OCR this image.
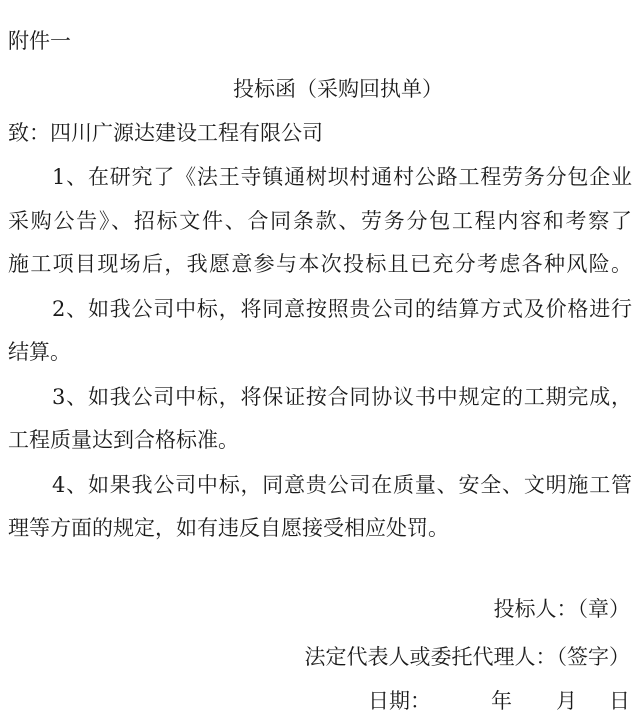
附件一
投标函（采购回执单）
致：四川广源达建设工程有限公司
1、在研究了《法王寺镇通树坝村通村公路工程劳务分包企业
采购公告》、招标文件、合同条款、劳务分包工程内容和考察了
施工项目现场后，我愿意参与本次投标且已充分考虑各种风险。
2、如我公司中标，将同意按照贵公司的结算方式及价格进行
结算。
3、如我公司中标，将保证按合同协议书中规定的工期完成，
工程质量达到合格标准。
4、如果我公司中标，同意贵公司在质量、安全、文明施工管
理等方面的规定，如有违反自愿接受相应处罚。
投标人：（章）
法定代表人或委托代理人：（签字）
日期：	年 月 日
